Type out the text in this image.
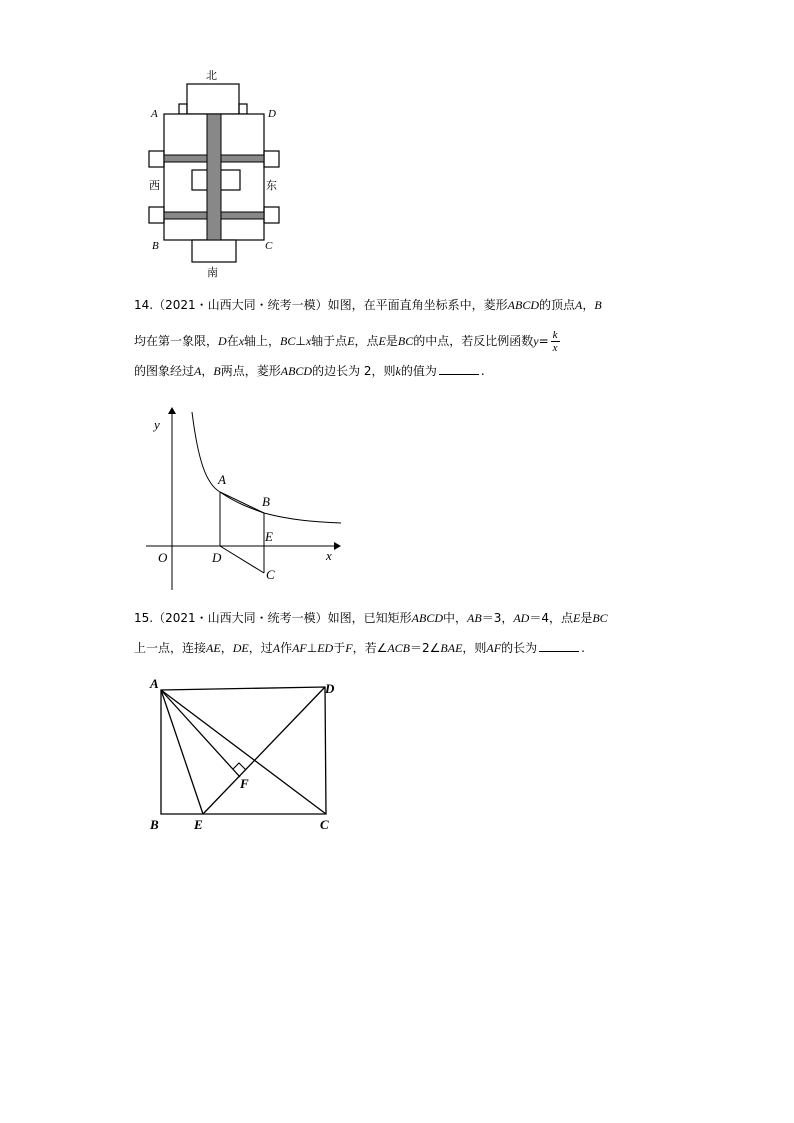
A	D
B	C
北
西	东
南
14.（2021・山西大同・统考一模）如图，在平面直角坐标系中，菱形ABCD的顶点A，B
均在第一象限，D在x轴上，BC⊥x轴于点E，点E是BC的中点，若反比例函数$y= \frac{k}{x}$
的图象经过A，B两点，菱形ABCD的边长为 2，则k的值为	.
y
x
O
A
B
E
D
C
15.（2021・山西大同・统考一模）如图，已知矩形ABCD中，AB＝3，AD＝4，点E是BC
上一点，连接AE，DE，过A作AF⊥ED于F，若∠ACB＝2∠BAE，则AF的长为	.
A	D
F
B	E	C
